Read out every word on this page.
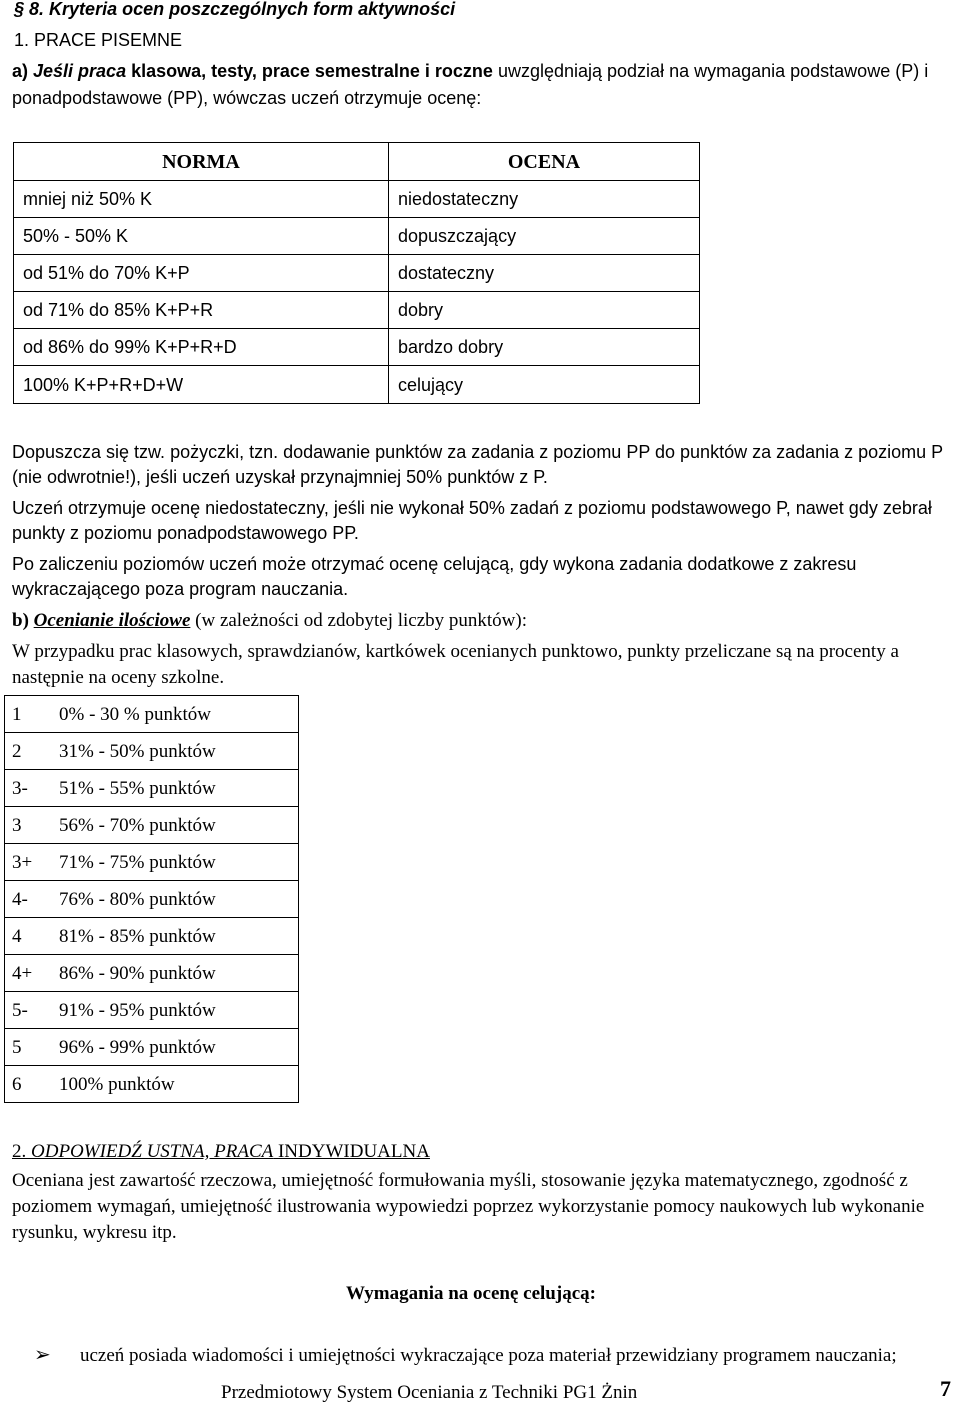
§ 8. Kryteria ocen poszczególnych form aktywności
1. PRACE PISEMNE
a) Jeśli praca klasowa, testy, prace semestralne i roczne uwzględniają podział na wymagania podstawowe (P) i ponadpodstawowe (PP), wówczas uczeń otrzymuje ocenę:
NORMA	OCENA
mniej niż 50% K	niedostateczny
50% - 50% K	dopuszczający
od 51% do 70% K+P	dostateczny
od 71% do 85% K+P+R	dobry
od 86% do 99% K+P+R+D	bardzo dobry
100% K+P+R+D+W	celujący
Dopuszcza się tzw. pożyczki, tzn. dodawanie punktów za zadania z poziomu PP do punktów za zadania z poziomu P (nie odwrotnie!), jeśli uczeń uzyskał przynajmniej 50% punktów z P.
Uczeń otrzymuje ocenę niedostateczny, jeśli nie wykonał 50% zadań z poziomu podstawowego P, nawet gdy zebrał punkty z poziomu ponadpodstawowego PP.
Po zaliczeniu poziomów uczeń może otrzymać ocenę celującą, gdy wykona zadania dodatkowe z zakresu wykraczającego poza program nauczania.
b) Ocenianie ilościowe (w zależności od zdobytej liczby punktów):
W przypadku prac klasowych, sprawdzianów, kartkówek ocenianych punktowo, punkty przeliczane są na procenty a następnie na oceny szkolne.
1 0% - 30 % punktów
2 31% - 50% punktów
3- 51% - 55% punktów
3 56% - 70% punktów
3+ 71% - 75% punktów
4- 76% - 80% punktów
4 81% - 85% punktów
4+ 86% - 90% punktów
5- 91% - 95% punktów
5 96% - 99% punktów
6 100% punktów
2. ODPOWIEDŹ USTNA, PRACA INDYWIDUALNA
Oceniana jest zawartość rzeczowa, umiejętność formułowania myśli, stosowanie języka matematycznego, zgodność z poziomem wymagań, umiejętność ilustrowania wypowiedzi poprzez wykorzystanie pomocy naukowych lub wykonanie rysunku, wykresu itp.
Wymagania na ocenę celującą:
➢ uczeń posiada wiadomości i umiejętności wykraczające poza materiał przewidziany programem nauczania;
Przedmiotowy System Oceniania z Techniki PG1 Żnin	7
